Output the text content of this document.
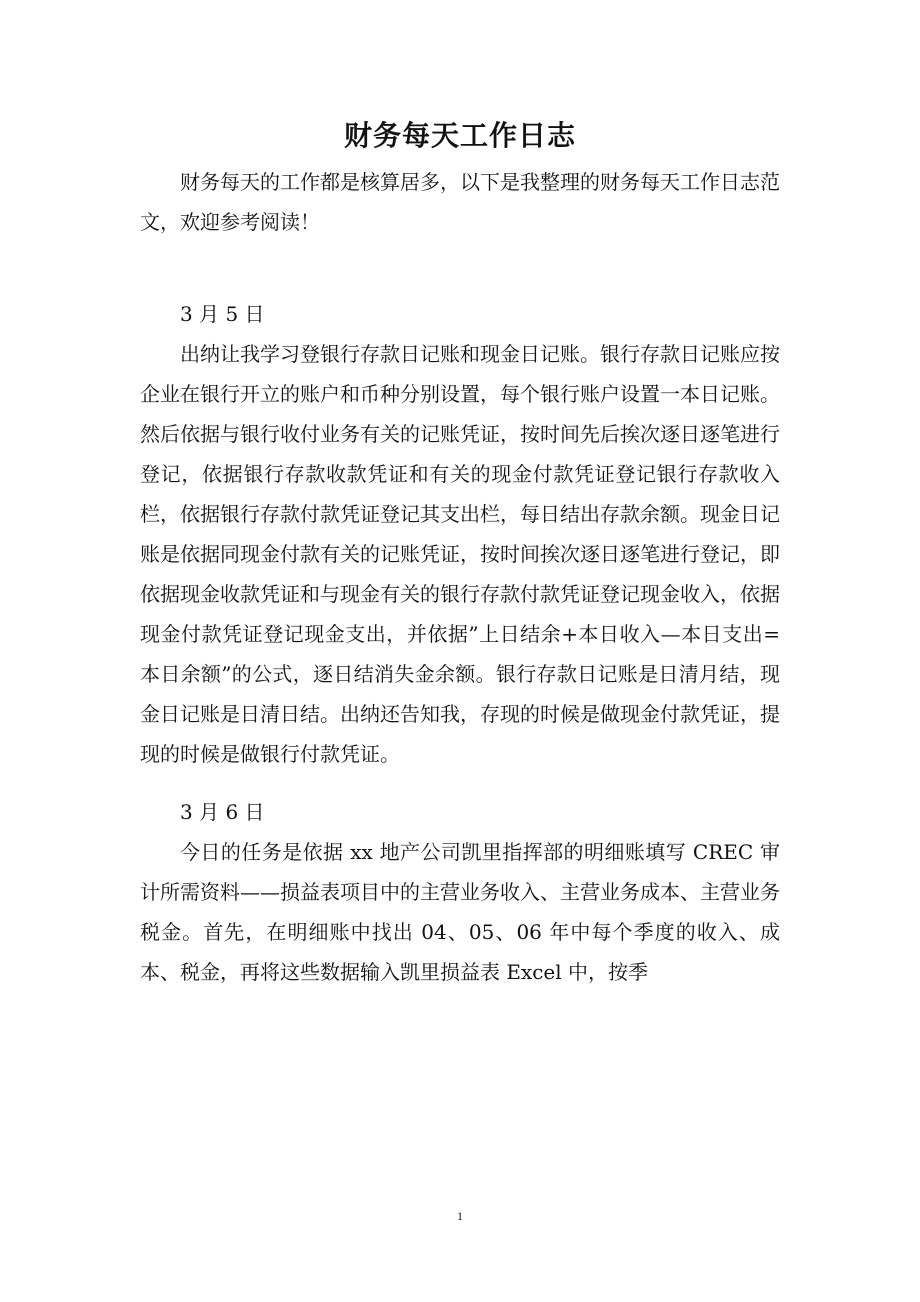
财务每天工作日志

财务每天的工作都是核算居多，以下是我整理的财务每天工作日志范文，欢迎参考阅读！

3 月 5 日

出纳让我学习登银行存款日记账和现金日记账。银行存款日记账应按企业在银行开立的账户和币种分别设置，每个银行账户设置一本日记账。然后依据与银行收付业务有关的记账凭证，按时间先后挨次逐日逐笔进行登记，依据银行存款收款凭证和有关的现金付款凭证登记银行存款收入栏，依据银行存款付款凭证登记其支出栏，每日结出存款余额。现金日记账是依据同现金付款有关的记账凭证，按时间挨次逐日逐笔进行登记，即依据现金收款凭证和与现金有关的银行存款付款凭证登记现金收入，依据现金付款凭证登记现金支出，并依据”上日结余+本日收入—本日支出=本日余额”的公式，逐日结消失金余额。银行存款日记账是日清月结，现金日记账是日清日结。出纳还告知我，存现的时候是做现金付款凭证，提现的时候是做银行付款凭证。

3 月 6 日

今日的任务是依据 xx 地产公司凯里指挥部的明细账填写 CREC 审计所需资料——损益表项目中的主营业务收入、主营业务成本、主营业务税金。首先，在明细账中找出 04、05、06 年中每个季度的收入、成本、税金，再将这些数据输入凯里损益表 Excel 中，按季

1
